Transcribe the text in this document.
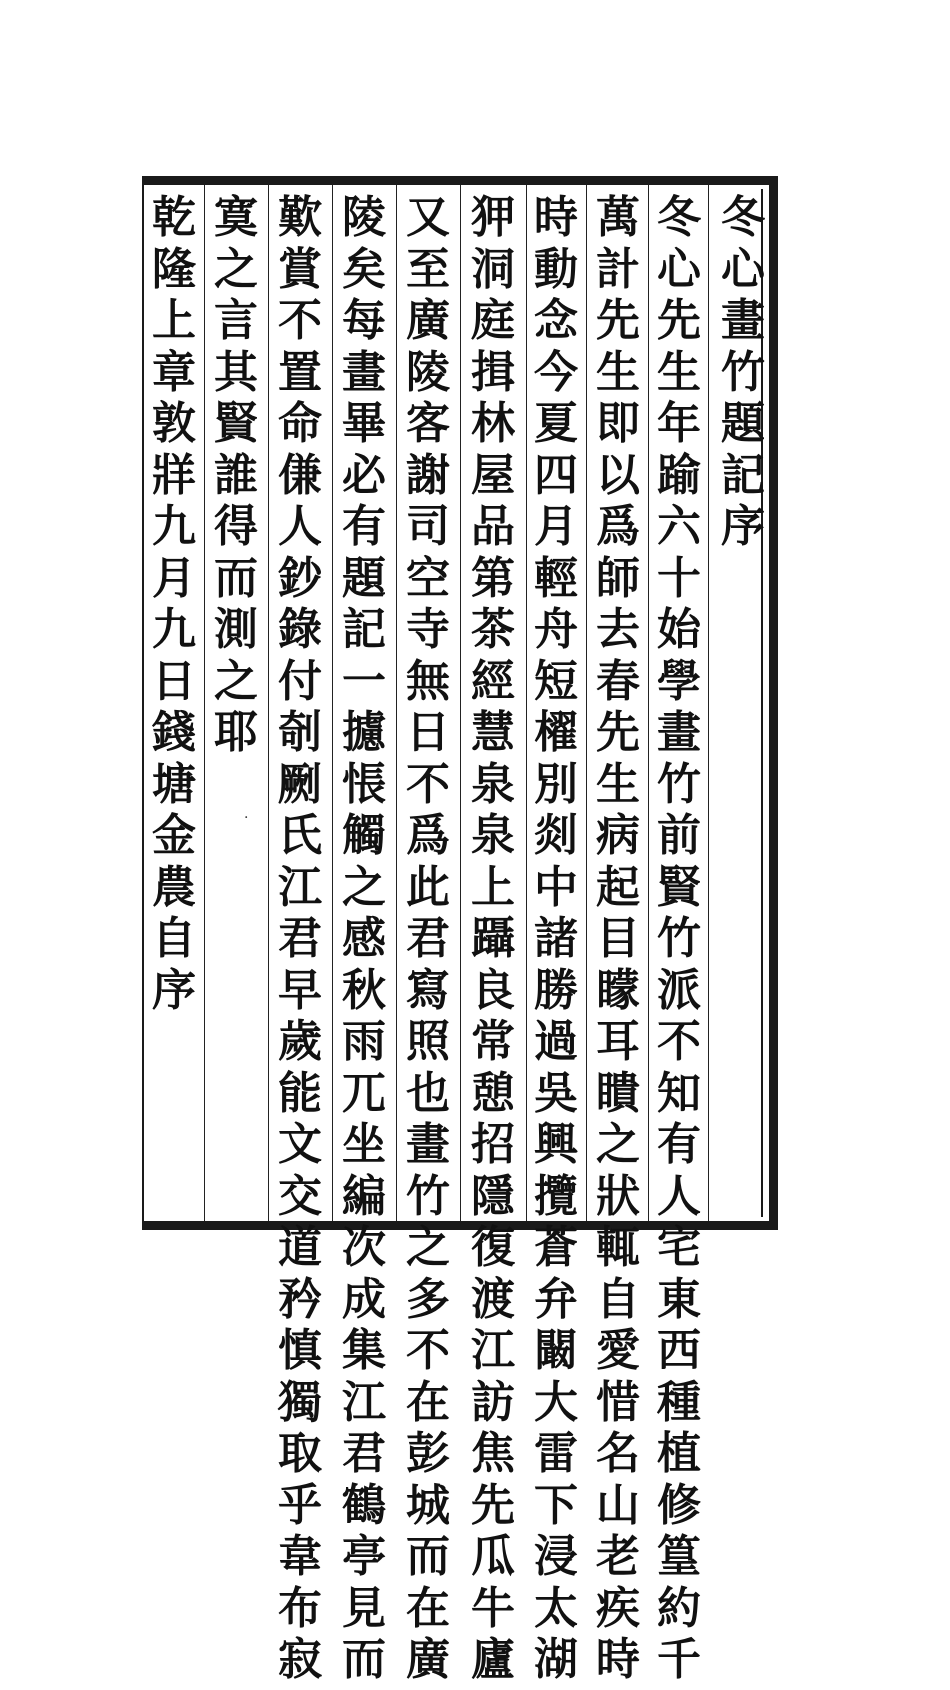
冬
心
畫
竹
題
記
序
冬
心
先
生
年
踰
六
十
始
學
畫
竹
前
賢
竹
派
不
知
有
人
宅
東
西
種
植
修
篁
約
千
萬
計
先
生
即
以
爲
師
去
春
先
生
病
起
目
矇
耳
瞶
之
狀
輒
自
愛
惜
名
山
老
疾
時
時
動
念
今
夏
四
月
輕
舟
短
櫂
別
剡
中
諸
勝
過
吳
興
攬
蒼
弁
闞
大
雷
下
浸
太
湖
狎
洞
庭
揖
林
屋
品
第
茶
經
慧
泉
泉
上
躡
良
常
憩
招
隱
復
渡
江
訪
焦
先
瓜
牛
廬
又
至
廣
陵
客
謝
司
空
寺
無
日
不
爲
此
君
寫
照
也
畫
竹
之
多
不
在
彭
城
而
在
廣
陵
矣
每
畫
畢
必
有
題
記
一
攄
悵
觸
之
感
秋
雨
兀
坐
編
次
成
集
江
君
鶴
亭
見
而
歎
賞
不
置
命
傔
人
鈔
錄
付
剞
劂
氏
江
君
早
歲
能
文
交
道
矜
慎
獨
取
乎
韋
布
寂
寞
之
言
其
賢
誰
得
而
測
之
耶
乾
隆
上
章
敦
牂
九
月
九
日
錢
塘
金
農
自
序
·
